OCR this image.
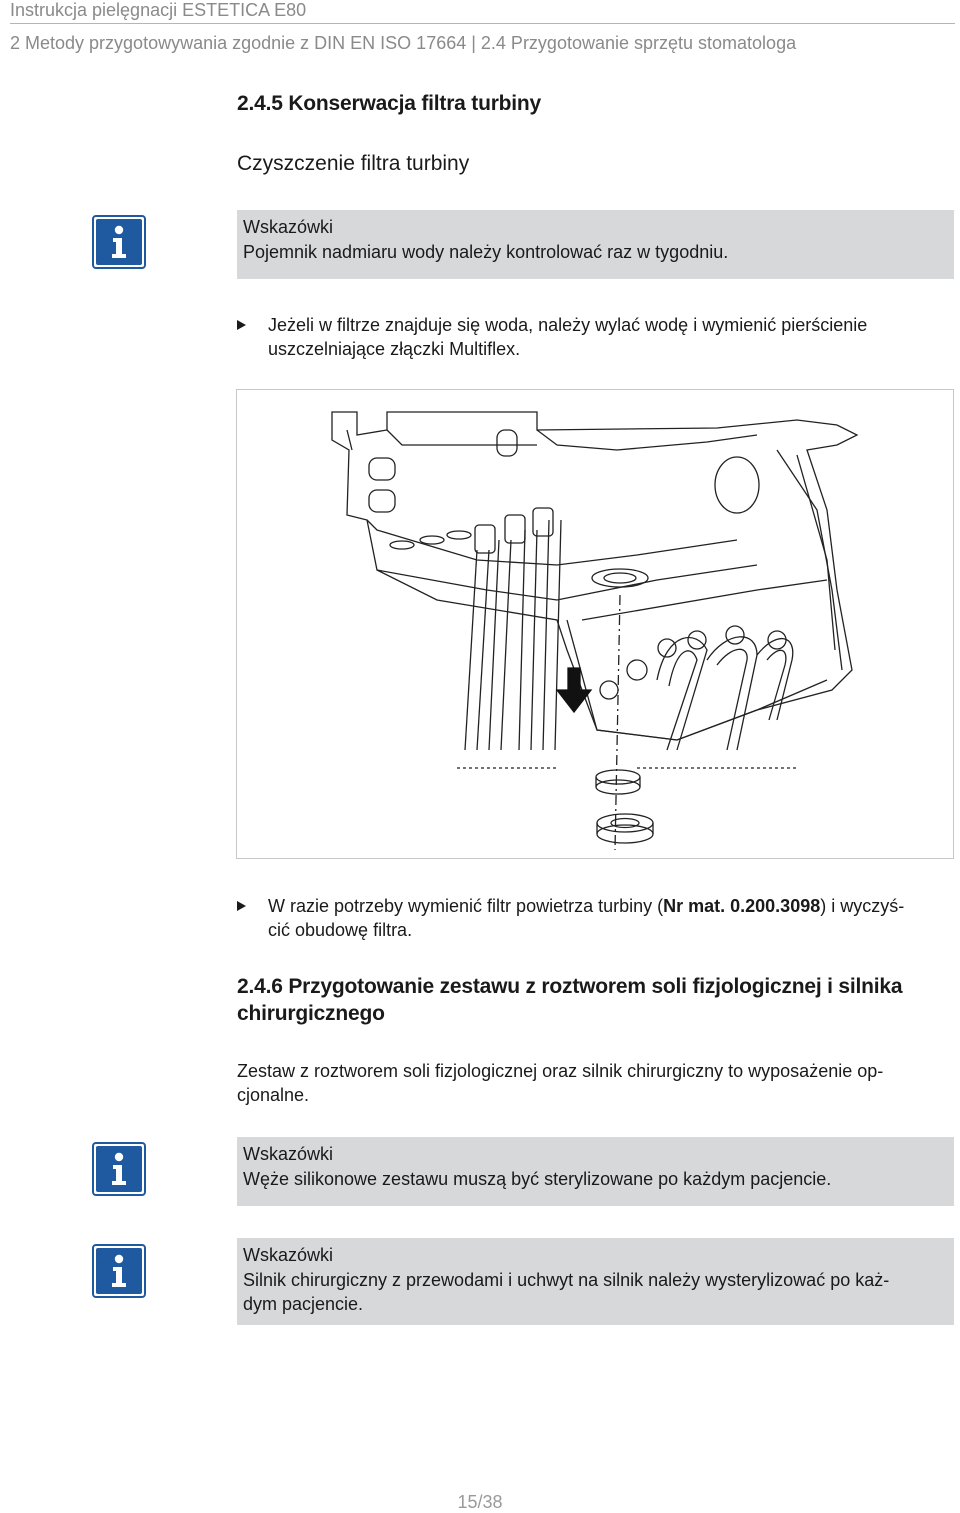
Instrukcja pielęgnacji ESTETICA E80
2 Metody przygotowywania zgodnie z DIN EN ISO 17664 | 2.4 Przygotowanie sprzętu stomatologa
2.4.5 Konserwacja filtra turbiny
Czyszczenie filtra turbiny
Wskazówki
Pojemnik nadmiaru wody należy kontrolować raz w tygodniu.
Jeżeli w filtrze znajduje się woda, należy wylać wodę i wymienić pierścienie
uszczelniające złączki Multiflex.
W razie potrzeby wymienić filtr powietrza turbiny (Nr mat. 0.200.3098) i wyczyś-
cić obudowę filtra.
2.4.6 Przygotowanie zestawu z roztworem soli fizjologicznej i silnika
chirurgicznego
Zestaw z roztworem soli fizjologicznej oraz silnik chirurgiczny to wyposażenie op-
cjonalne.
Wskazówki
Węże silikonowe zestawu muszą być sterylizowane po każdym pacjencie.
Wskazówki
Silnik chirurgiczny z przewodami i uchwyt na silnik należy wysterylizować po każ-
dym pacjencie.
15/38
